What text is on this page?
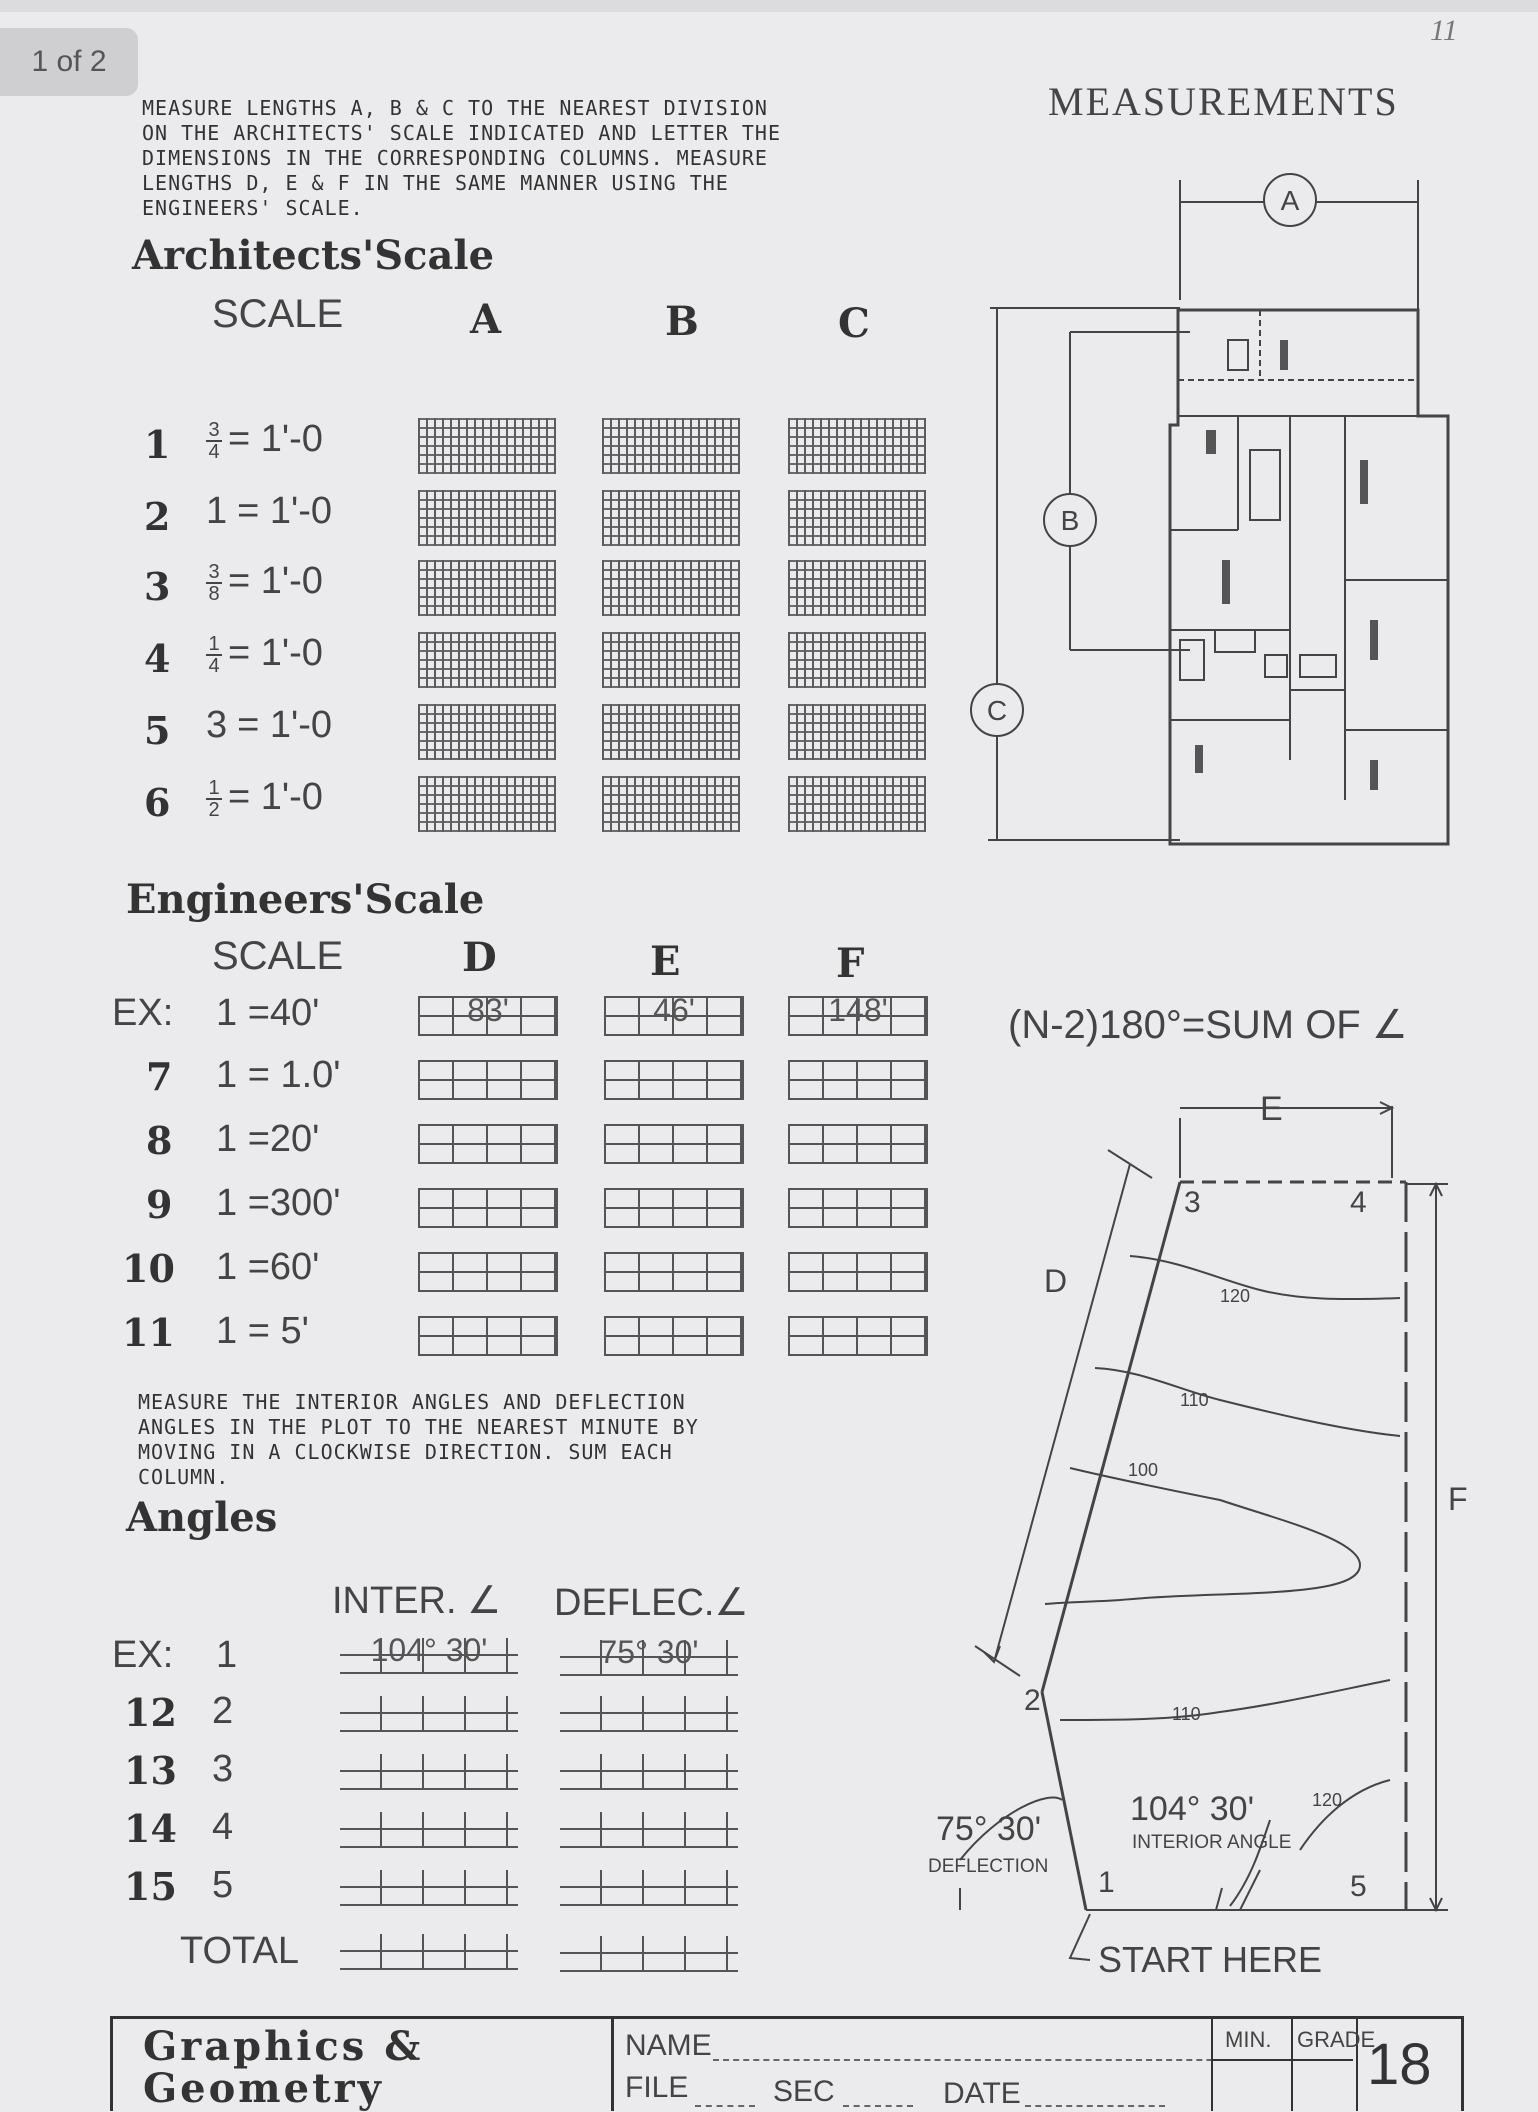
1 of 2
11
MEASURE LENGTHS A, B & C TO THE NEAREST DIVISION ON THE ARCHITECTS' SCALE INDICATED AND LETTER THE DIMENSIONS IN THE CORRESPONDING COLUMNS. MEASURE LENGTHS D, E & F IN THE SAME MANNER USING THE ENGINEERS' SCALE.
Architects'Scale
SCALE	A	B	C
$1 \frac{3}{4} = 1'-0$
2 1 = 1'-0
$3 \frac{3}{8} = 1'-0$
$4 \frac{1}{4} = 1'-0$
5 3 = 1'-0
$6 \frac{1}{2} = 1'-0$
Engineers'Scale
SCALE	D	E	F
EX: 1 =40'	83'	46'	148'
7 1 = 1.0'
8 1 =20'
9 1 =300'
10 1 =60'
11 1 = 5'
MEASURE THE INTERIOR ANGLES AND DEFLECTION ANGLES IN THE PLOT TO THE NEAREST MINUTE BY MOVING IN A CLOCKWISE DIRECTION. SUM EACH COLUMN.
Angles
INTER. ∠ DEFLEC.∠
EX: 1	104° 30'	75° 30'
12 2
13 3
14 4
15 5
TOTAL
MEASUREMENTS
A
B
C
(N-2)180°=SUM OF ∠
E
F
D
1
2
3	4
5
120
110
100
110
120
104° 30'
INTERIOR ANGLE
75° 30'
DEFLECTION
START HERE
Graphics &
Geometry
NAME
FILE	SEC	DATE
MIN. GRADE
18
